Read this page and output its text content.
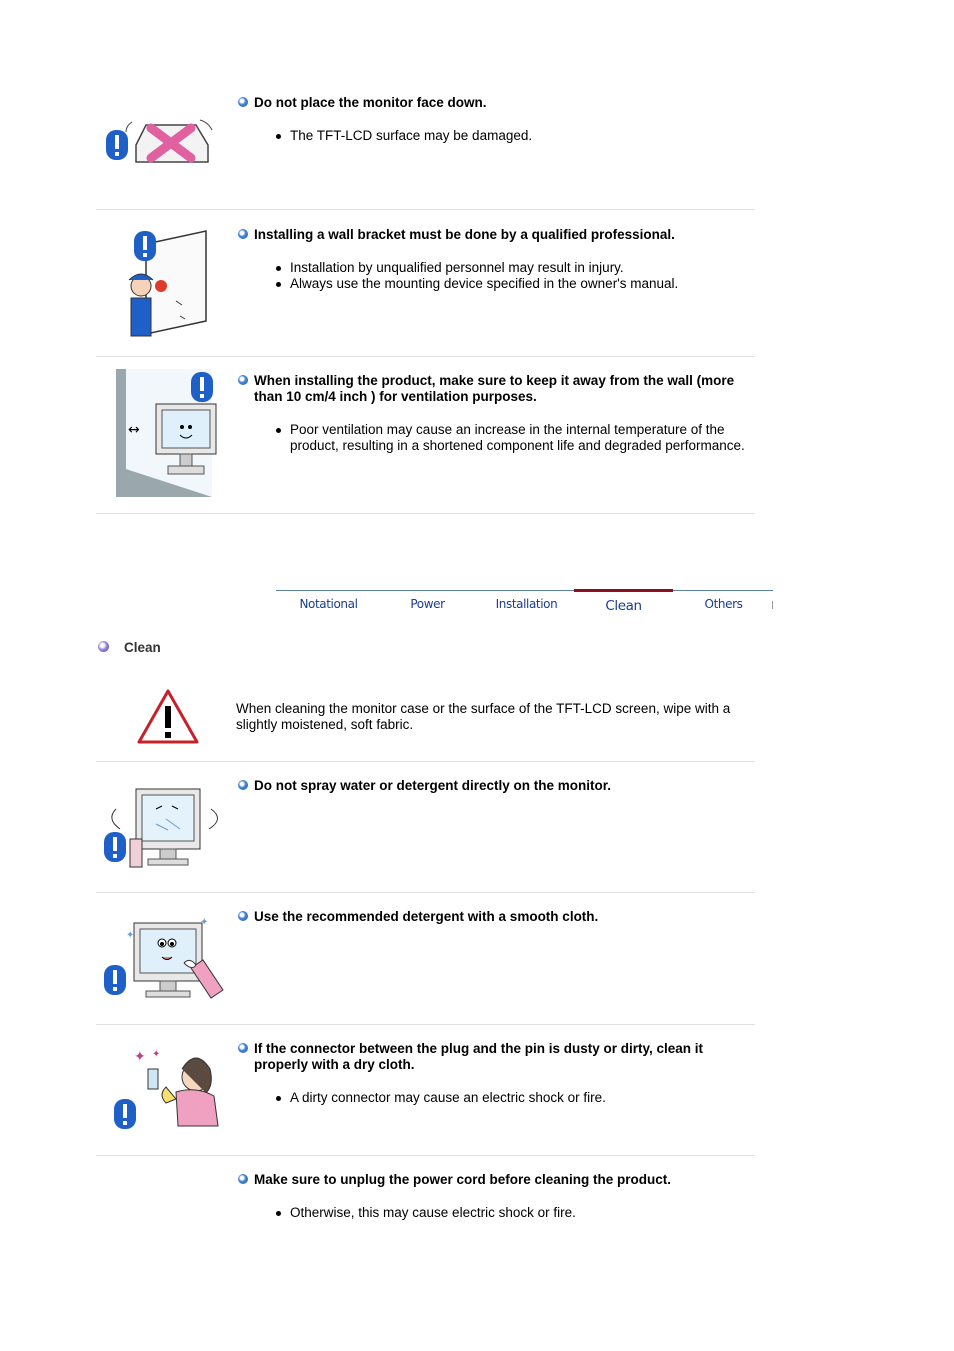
Do not place the monitor face down.
The TFT-LCD surface may be damaged.
Installing a wall bracket must be done by a qualified professional.
Installation by unqualified personnel may result in injury.
Always use the mounting device specified in the owner's manual.
↔
When installing the product, make sure to keep it away from the wall (more than 10 cm/4 inch ) for ventilation purposes.
Poor ventilation may cause an increase in the internal temperature of the product, resulting in a shortened component life and degraded performance.
Notational	Power	Installation	Clean	Others
Clean
When cleaning the monitor case or the surface of the TFT-LCD screen, wipe with a slightly moistened, soft fabric.
Do not spray water or detergent directly on the monitor.
✦
✦	Use the recommended detergent with a smooth cloth.
✦ ✦	If the connector between the plug and the pin is dusty or dirty, clean it properly with a dry cloth.
A dirty connector may cause an electric shock or fire.
Make sure to unplug the power cord before cleaning the product.
Otherwise, this may cause electric shock or fire.
